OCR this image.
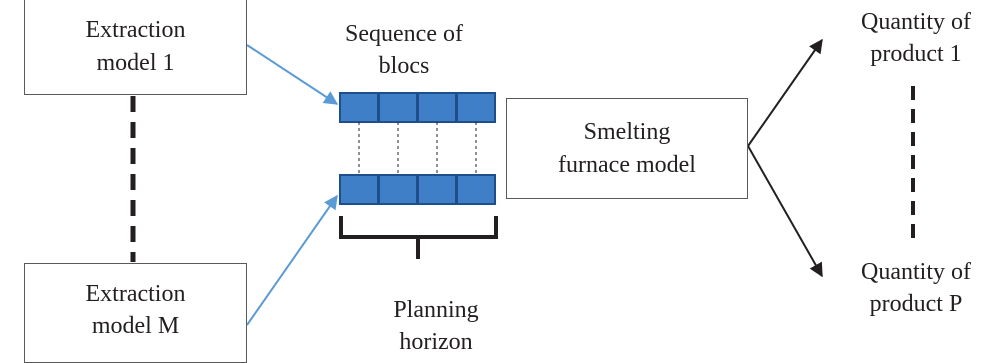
Extraction
model 1
Extraction
model M
Sequence of
blocs
Smelting
furnace model
Planning
horizon
Quantity of
product 1
Quantity of
product P
